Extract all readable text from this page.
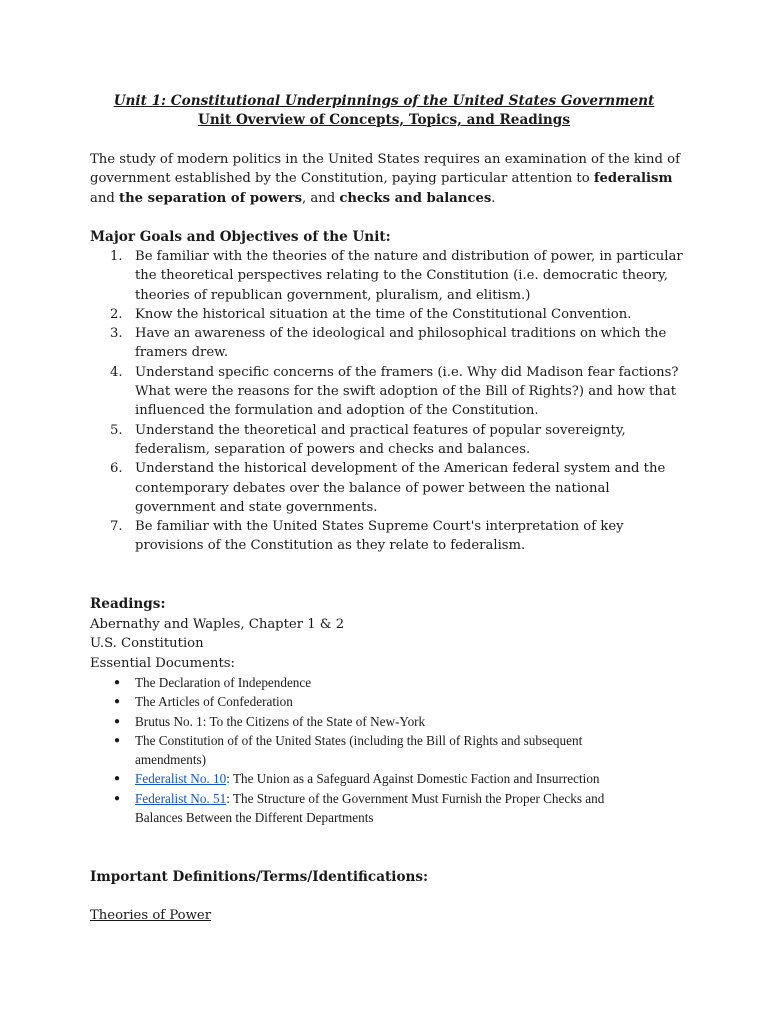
Unit 1: Constitutional Underpinnings of the United States Government
Unit Overview of Concepts, Topics, and Readings
The study of modern politics in the United States requires an examination of the kind of government established by the Constitution, paying particular attention to federalism and the separation of powers, and checks and balances.
Major Goals and Objectives of the Unit:
1. Be familiar with the theories of the nature and distribution of power, in particular the theoretical perspectives relating to the Constitution (i.e. democratic theory, theories of republican government, pluralism, and elitism.)
2. Know the historical situation at the time of the Constitutional Convention.
3. Have an awareness of the ideological and philosophical traditions on which the framers drew.
4. Understand specific concerns of the framers (i.e. Why did Madison fear factions? What were the reasons for the swift adoption of the Bill of Rights?) and how that influenced the formulation and adoption of the Constitution.
5. Understand the theoretical and practical features of popular sovereignty, federalism, separation of powers and checks and balances.
6. Understand the historical development of the American federal system and the contemporary debates over the balance of power between the national government and state governments.
7. Be familiar with the United States Supreme Court's interpretation of key provisions of the Constitution as they relate to federalism.
Readings:
Abernathy and Waples, Chapter 1 & 2
U.S. Constitution
Essential Documents:
● The Declaration of Independence
● The Articles of Confederation
● Brutus No. 1: To the Citizens of the State of New-York
● The Constitution of of the United States (including the Bill of Rights and subsequent amendments)
● Federalist No. 10: The Union as a Safeguard Against Domestic Faction and Insurrection
● Federalist No. 51: The Structure of the Government Must Furnish the Proper Checks and Balances Between the Different Departments
Important Definitions/Terms/Identifications:
Theories of Power
